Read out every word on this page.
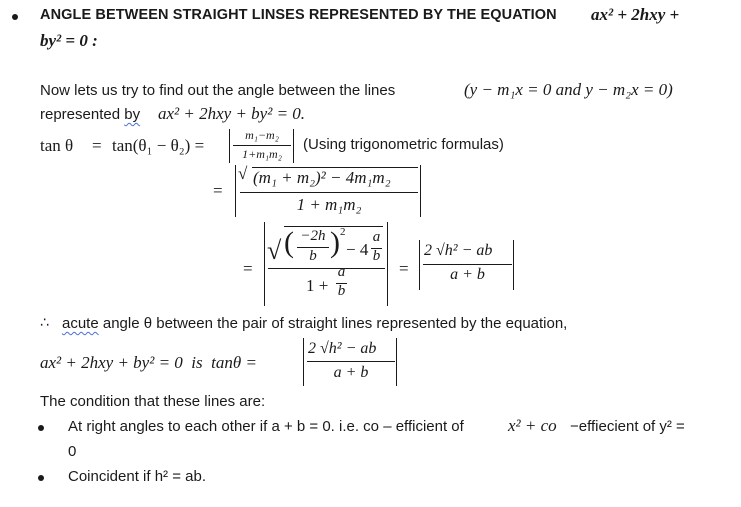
ANGLE BETWEEN STRAIGHT LINSES REPRESENTED BY THE EQUATION ax² + 2hxy +
by² = 0 :
Now lets us try to find out the angle between the lines	(y − m₁x = 0 and y − m₂x = 0)
represented by ax² + 2hxy + by² = 0.
tan θ = tan(θ₁ − θ₂) =
m₁−m₂
1+m₁m₂
(Using trigonometric formulas)
=
√ (m₁ + m₂)² − 4m₁m₂
1 + m₁m₂
=
√ ( −2h
b ) 2
− 4
a
b
1 +
a
b
=
2 √h² − ab
a + b
∴ acute angle θ between the pair of straight lines represented by the equation,
ax² + 2hxy + by² = 0  is  tanθ =
2 √h² − ab
a + b
The condition that these lines are:
At right angles to each other if a + b = 0. i.e. co – efficient of	x² + co −effiecient of y² =
0
Coincident if h² = ab.
